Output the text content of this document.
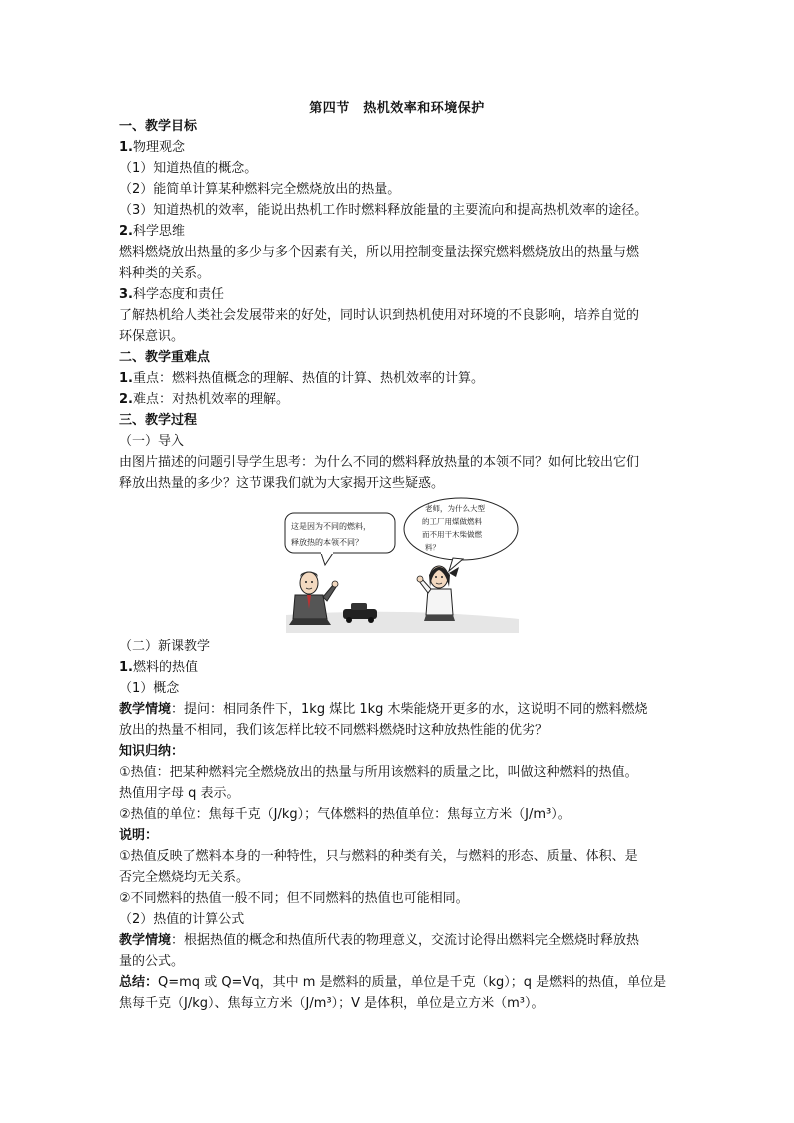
第四节　热机效率和环境保护
一、教学目标
1.物理观念
（1）知道热值的概念。
（2）能简单计算某种燃料完全燃烧放出的热量。
（3）知道热机的效率，能说出热机工作时燃料释放能量的主要流向和提高热机效率的途径。
2.科学思维
燃料燃烧放出热量的多少与多个因素有关，所以用控制变量法探究燃料燃烧放出的热量与燃
料种类的关系。
3.科学态度和责任
了解热机给人类社会发展带来的好处，同时认识到热机使用对环境的不良影响，培养自觉的
环保意识。
二、教学重难点
1.重点：燃料热值概念的理解、热值的计算、热机效率的计算。
2.难点：对热机效率的理解。
三、教学过程
（一）导入
由图片描述的问题引导学生思考：为什么不同的燃料释放热量的本领不同？如何比较出它们
释放出热量的多少？这节课我们就为大家揭开这些疑惑。
这是因为不同的燃料，
释放热的本领不同？
老师，为什么大型
的工厂用煤做燃料
而不用干木柴做燃
料？
（二）新课教学
1.燃料的热值
（1）概念
教学情境：提问：相同条件下，1kg 煤比 1kg 木柴能烧开更多的水，这说明不同的燃料燃烧
放出的热量不相同，我们该怎样比较不同燃料燃烧时这种放热性能的优劣？
知识归纳：
①热值：把某种燃料完全燃烧放出的热量与所用该燃料的质量之比，叫做这种燃料的热值。
热值用字母 q 表示。
②热值的单位：焦每千克（J/kg）；气体燃料的热值单位：焦每立方米（J/m³）。
说明：
①热值反映了燃料本身的一种特性，只与燃料的种类有关，与燃料的形态、质量、体积、是
否完全燃烧均无关系。
②不同燃料的热值一般不同；但不同燃料的热值也可能相同。
（2）热值的计算公式
教学情境：根据热值的概念和热值所代表的物理意义，交流讨论得出燃料完全燃烧时释放热
量的公式。
总结：Q=mq 或 Q=Vq，其中 m 是燃料的质量，单位是千克（kg）；q 是燃料的热值，单位是
焦每千克（J/kg）、焦每立方米（J/m³）；V 是体积，单位是立方米（m³）。
